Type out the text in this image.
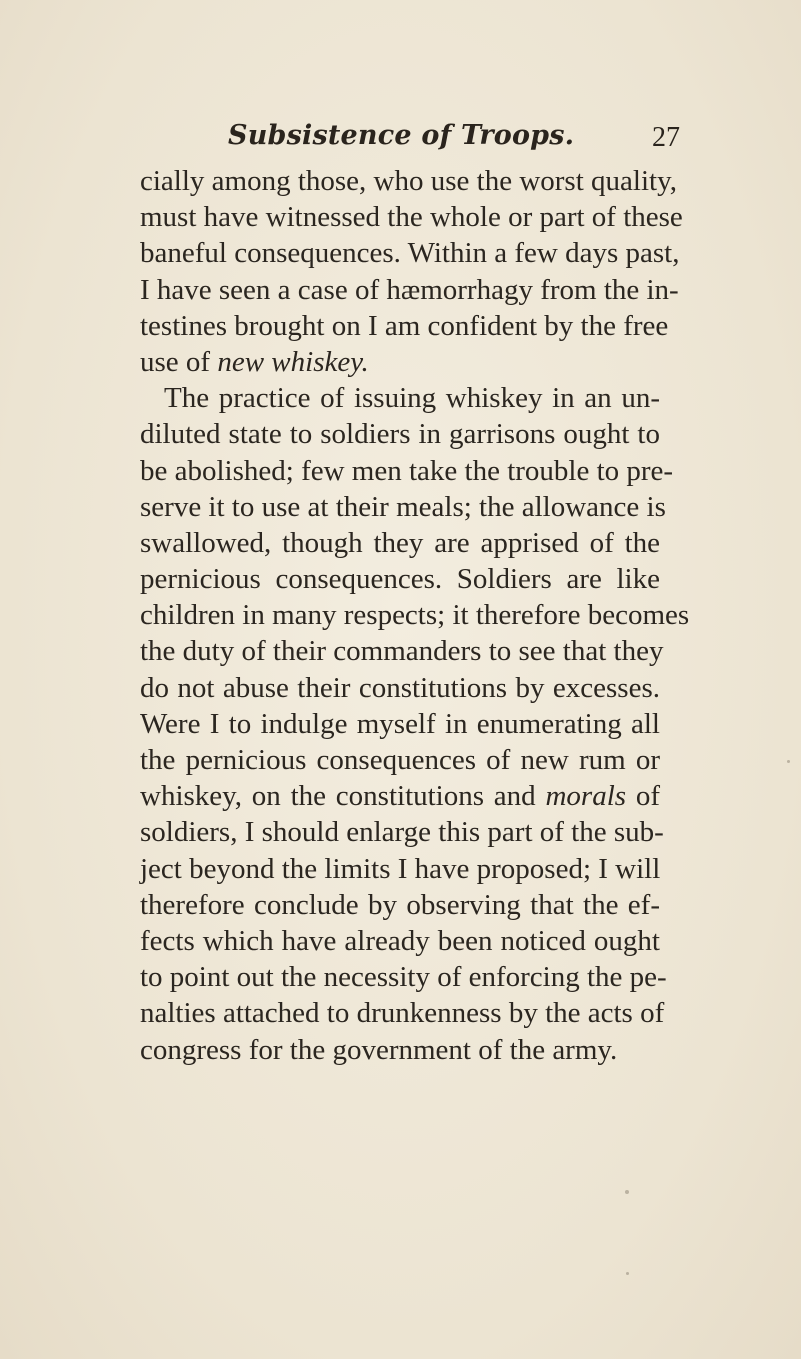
Subsistence of Troops.	27
cially among those, who use the worst quality,
must have witnessed the whole or part of these
baneful consequences. Within a few days past,
I have seen a case of hæmorrhagy from the in-
testines brought on I am confident by the free
use of new whiskey.
The practice of issuing whiskey in an un-
diluted state to soldiers in garrisons ought to
be abolished; few men take the trouble to pre-
serve it to use at their meals; the allowance is
swallowed, though they are apprised of the
pernicious consequences. Soldiers are like
children in many respects; it therefore becomes
the duty of their commanders to see that they
do not abuse their constitutions by excesses.
Were I to indulge myself in enumerating all
the pernicious consequences of new rum or
whiskey, on the constitutions and morals of
soldiers, I should enlarge this part of the sub-
ject beyond the limits I have proposed; I will
therefore conclude by observing that the ef-
fects which have already been noticed ought
to point out the necessity of enforcing the pe-
nalties attached to drunkenness by the acts of
congress for the government of the army.
